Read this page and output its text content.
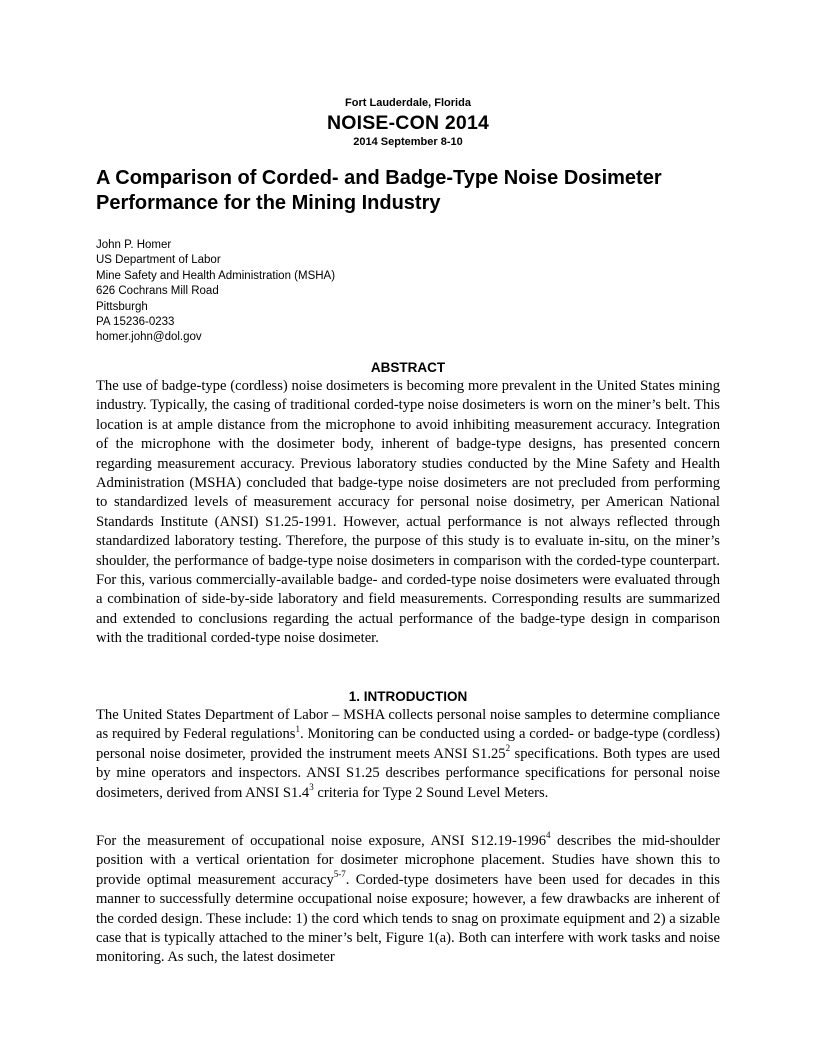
Fort Lauderdale, Florida
NOISE-CON 2014
2014 September 8-10
A Comparison of Corded- and Badge-Type Noise Dosimeter Performance for the Mining Industry
John P. Homer
US Department of Labor
Mine Safety and Health Administration (MSHA)
626 Cochrans Mill Road
Pittsburgh
PA 15236-0233
homer.john@dol.gov
ABSTRACT

The use of badge-type (cordless) noise dosimeters is becoming more prevalent in the United States mining industry. Typically, the casing of traditional corded-type noise dosimeters is worn on the miner’s belt. This location is at ample distance from the microphone to avoid inhibiting measurement accuracy. Integration of the microphone with the dosimeter body, inherent of badge-type designs, has presented concern regarding measurement accuracy. Previous laboratory studies conducted by the Mine Safety and Health Administration (MSHA) concluded that badge-type noise dosimeters are not precluded from performing to standardized levels of measurement accuracy for personal noise dosimetry, per American National Standards Institute (ANSI) S1.25-1991. However, actual performance is not always reflected through standardized laboratory testing. Therefore, the purpose of this study is to evaluate in-situ, on the miner’s shoulder, the performance of badge-type noise dosimeters in comparison with the corded-type counterpart. For this, various commercially-available badge- and corded-type noise dosimeters were evaluated through a combination of side-by-side laboratory and field measurements. Corresponding results are summarized and extended to conclusions regarding the actual performance of the badge-type design in comparison with the traditional corded-type noise dosimeter.

1. INTRODUCTION

The United States Department of Labor – MSHA collects personal noise samples to determine compliance as required by Federal regulations$^1$. Monitoring can be conducted using a corded- or badge-type (cordless) personal noise dosimeter, provided the instrument meets ANSI S1.25$^2$ specifications. Both types are used by mine operators and inspectors. ANSI S1.25 describes performance specifications for personal noise dosimeters, derived from ANSI $S1.4^3$ criteria for Type 2 Sound Level Meters.

For the measurement of occupational noise exposure, ANSI S12.19-1996$^4$ describes the mid-shoulder position with a vertical orientation for dosimeter microphone placement. Studies have shown this to provide optimal measurement accuracy$^{5-7}$. Corded-type dosimeters have been used for decades in this manner to successfully determine occupational noise exposure; however, a few drawbacks are inherent of the corded design. These include: 1) the cord which tends to snag on proximate equipment and 2) a sizable case that is typically attached to the miner’s belt, Figure 1(a). Both can interfere with work tasks and noise monitoring. As such, the latest dosimeter
